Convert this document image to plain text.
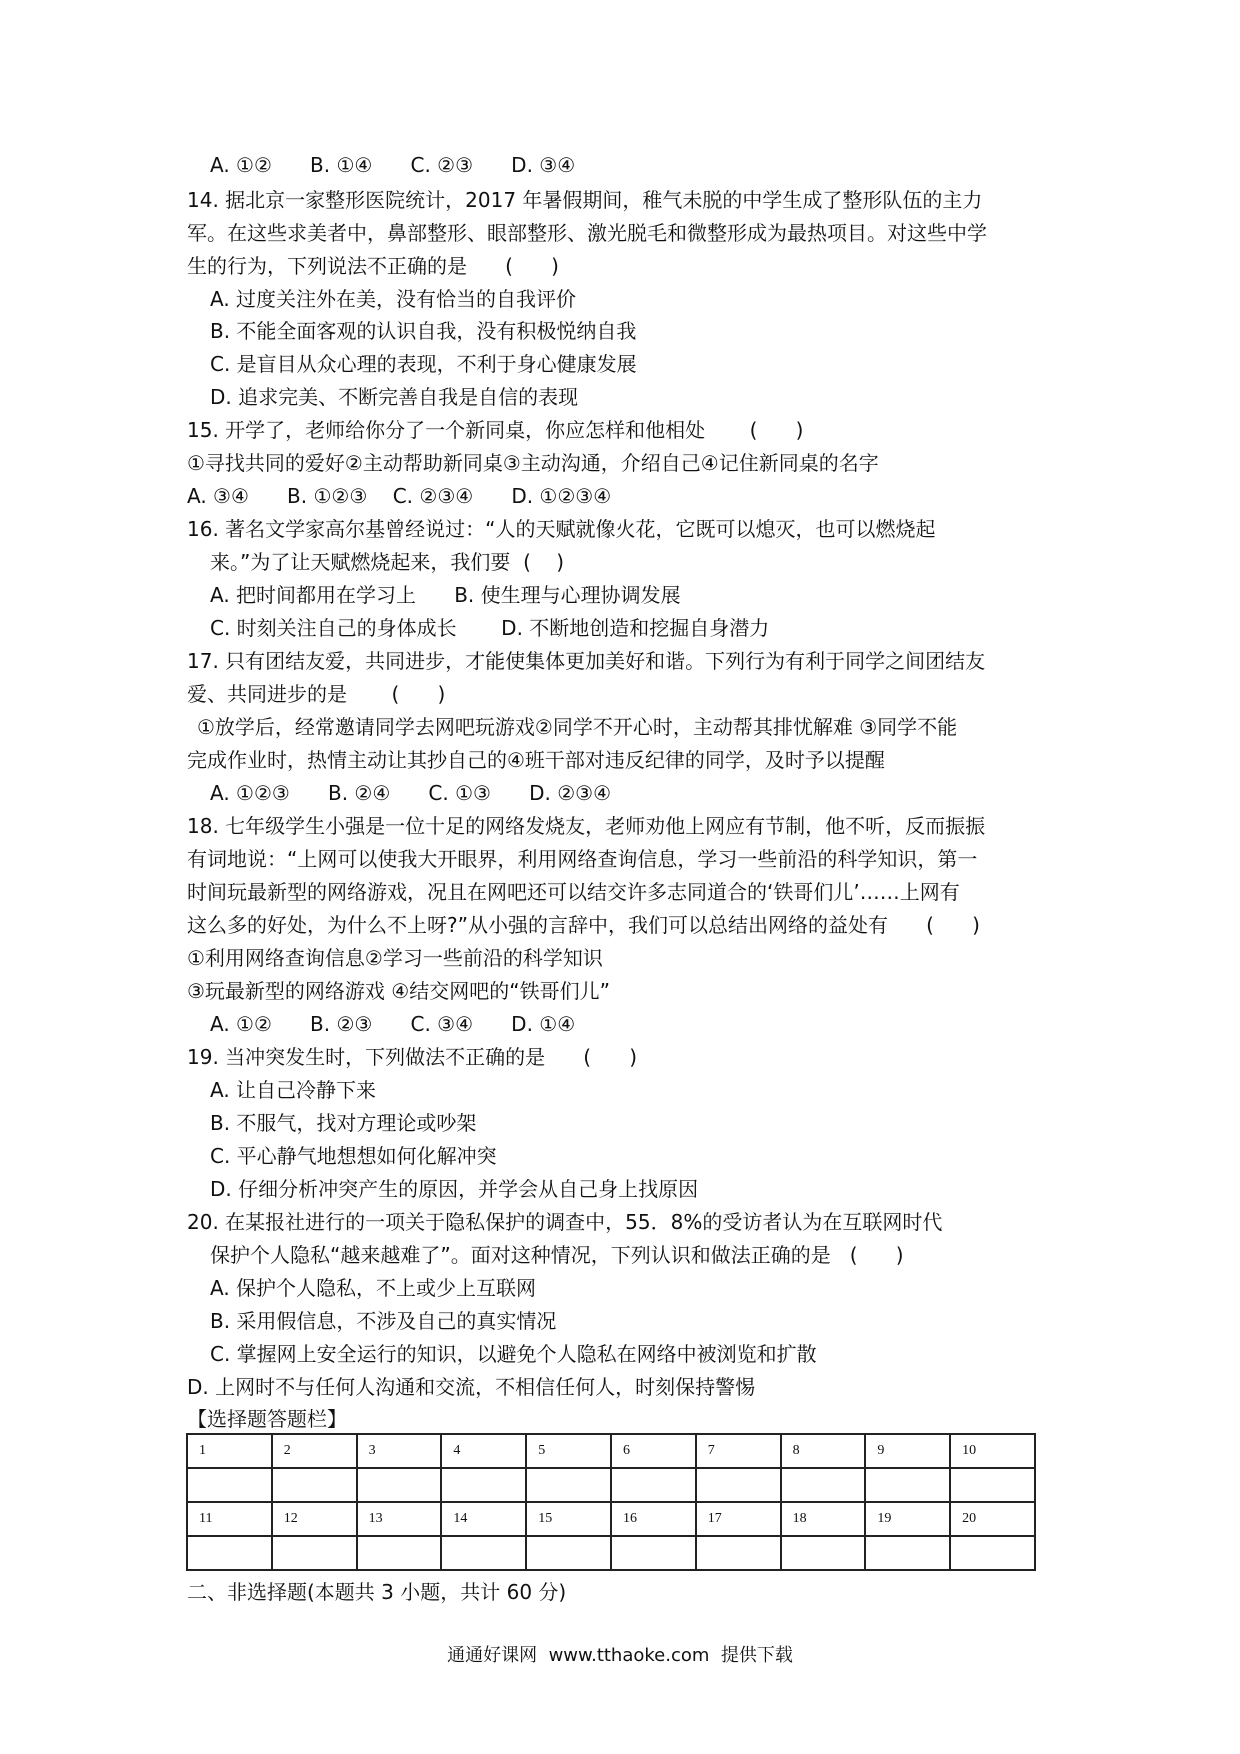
A. ①②      B. ①④      C. ②③      D. ③④
14. 据北京一家整形医院统计，2017 年暑假期间，稚气未脱的中学生成了整形队伍的主力
军。在这些求美者中，鼻部整形、眼部整形、激光脱毛和微整形成为最热项目。对这些中学
生的行为，下列说法不正确的是      (      )
A. 过度关注外在美，没有恰当的自我评价
B. 不能全面客观的认识自我，没有积极悦纳自我
C. 是盲目从众心理的表现，不利于身心健康发展
D. 追求完美、不断完善自我是自信的表现
15. 开学了，老师给你分了一个新同桌，你应怎样和他相处       (      )
①寻找共同的爱好②主动帮助新同桌③主动沟通，介绍自己④记住新同桌的名字
A. ③④      B. ①②③    C. ②③④      D. ①②③④
16. 著名文学家高尔基曾经说过：“人的天赋就像火花，它既可以熄灭，也可以燃烧起
来。”为了让天赋燃烧起来，我们要  (    )
A. 把时间都用在学习上      B. 使生理与心理协调发展
C. 时刻关注自己的身体成长       D. 不断地创造和挖掘自身潜力
17. 只有团结友爱，共同进步，才能使集体更加美好和谐。下列行为有利于同学之间团结友
爱、共同进步的是       (      )
①放学后，经常邀请同学去网吧玩游戏②同学不开心时，主动帮其排忧解难 ③同学不能
完成作业时，热情主动让其抄自己的④班干部对违反纪律的同学，及时予以提醒
A. ①②③      B. ②④      C. ①③      D. ②③④
18. 七年级学生小强是一位十足的网络发烧友，老师劝他上网应有节制，他不听，反而振振
有词地说：“上网可以使我大开眼界，利用网络查询信息，学习一些前沿的科学知识，第一
时间玩最新型的网络游戏，况且在网吧还可以结交许多志同道合的‘铁哥们儿’……上网有
这么多的好处，为什么不上呀?”从小强的言辞中，我们可以总结出网络的益处有      (      )
①利用网络查询信息②学习一些前沿的科学知识
③玩最新型的网络游戏 ④结交网吧的“铁哥们儿”
A. ①②      B. ②③      C. ③④      D. ①④
19. 当冲突发生时，下列做法不正确的是      (      )
A. 让自己冷静下来
B. 不服气，找对方理论或吵架
C. 平心静气地想想如何化解冲突
D. 仔细分析冲突产生的原因，并学会从自己身上找原因
20. 在某报社进行的一项关于隐私保护的调查中，55．8%的受访者认为在互联网时代
保护个人隐私“越来越难了”。面对这种情况，下列认识和做法正确的是   (      )
A. 保护个人隐私，不上或少上互联网
B. 采用假信息，不涉及自己的真实情况
C. 掌握网上安全运行的知识，以避免个人隐私在网络中被浏览和扩散
D. 上网时不与任何人沟通和交流，不相信任何人，时刻保持警惕
【选择题答题栏】
1	2	3	4	5	6	7	8	9	10

11	12	13	14	15	16	17	18	19	20

二、非选择题(本题共 3 小题，共计 60 分)
通通好课网  www.tthaoke.com  提供下载
